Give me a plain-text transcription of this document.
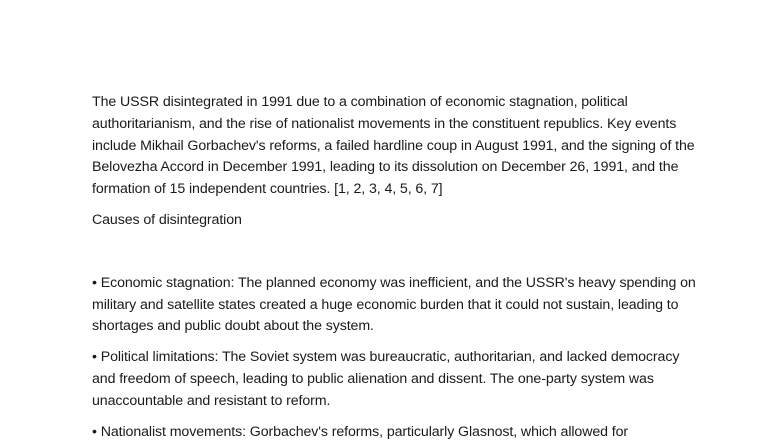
The USSR disintegrated in 1991 due to a combination of economic stagnation, political authoritarianism, and the rise of nationalist movements in the constituent republics. Key events include Mikhail Gorbachev's reforms, a failed hardline coup in August 1991, and the signing of the Belovezha Accord in December 1991, leading to its dissolution on December 26, 1991, and the formation of 15 independent countries. [1, 2, 3, 4, 5, 6, 7]

Causes of disintegration

• Economic stagnation: The planned economy was inefficient, and the USSR's heavy spending on military and satellite states created a huge economic burden that it could not sustain, leading to shortages and public doubt about the system.

• Political limitations: The Soviet system was bureaucratic, authoritarian, and lacked democracy and freedom of speech, leading to public alienation and dissent. The one-party system was unaccountable and resistant to reform.

• Nationalist movements: Gorbachev's reforms, particularly Glasnost, which allowed for
